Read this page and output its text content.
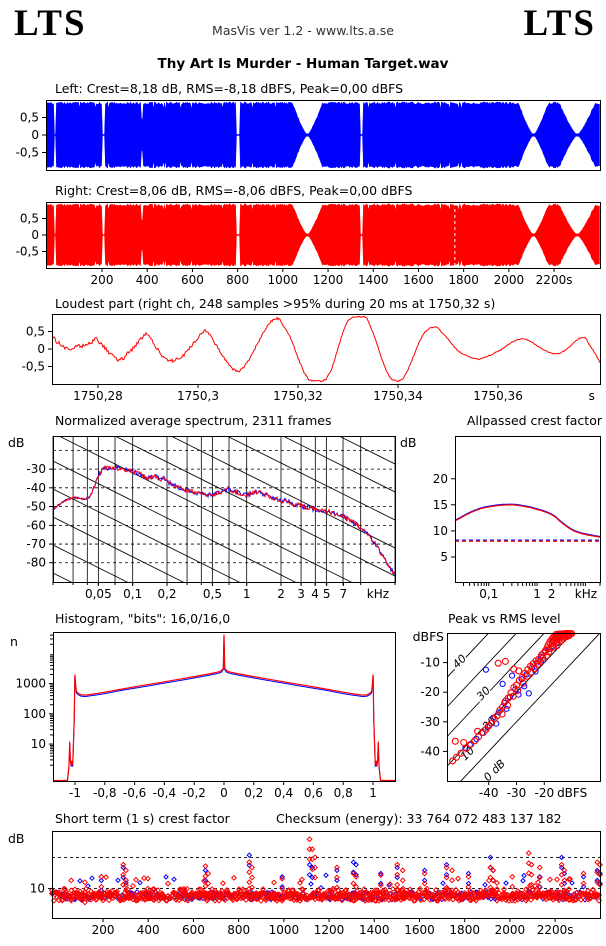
0,5
0
-0,5
200 400 600 800 1000 1200 1400 1600 1800 2000 2200s
0,5
0
-0,5
1750,28	1750,3	1750,32	1750,34	1750,36	s
0,5
0
-0,5
0,05 0,1 0,2 0,5 1 2 3 4 5 7 kHz
-30
-40
-50
-60
-70
-80
0,1	1 2 kHz
20
15
10
5
-1 -0,8 -0,6 -0,4 -0,2 0 0,2 0,4 0,6 0,8 1
1000
100
10
40
30
20
10
0 dB
-40 -30 -20 dBFS
-10
-20
-30
-40
200 400 600 800 1000 1200 1400 1600 1800 2000 2200s
10
LTS	LTS
MasVis ver 1.2 - www.lts.a.se
Thy Art Is Murder - Human Target.wav
Left: Crest=8,18 dB, RMS=-8,18 dBFS, Peak=0,00 dBFS
Right: Crest=8,06 dB, RMS=-8,06 dBFS, Peak=0,00 dBFS
Loudest part (right ch, 248 samples >95% during 20 ms at 1750,32 s)
Normalized average spectrum, 2311 frames	Allpassed crest factor
dB	dB
Histogram, "bits": 16,0/16,0	Peak vs RMS level
n	dBFS
Short term (1 s) crest factor	Checksum (energy): 33 764 072 483 137 182
dB
